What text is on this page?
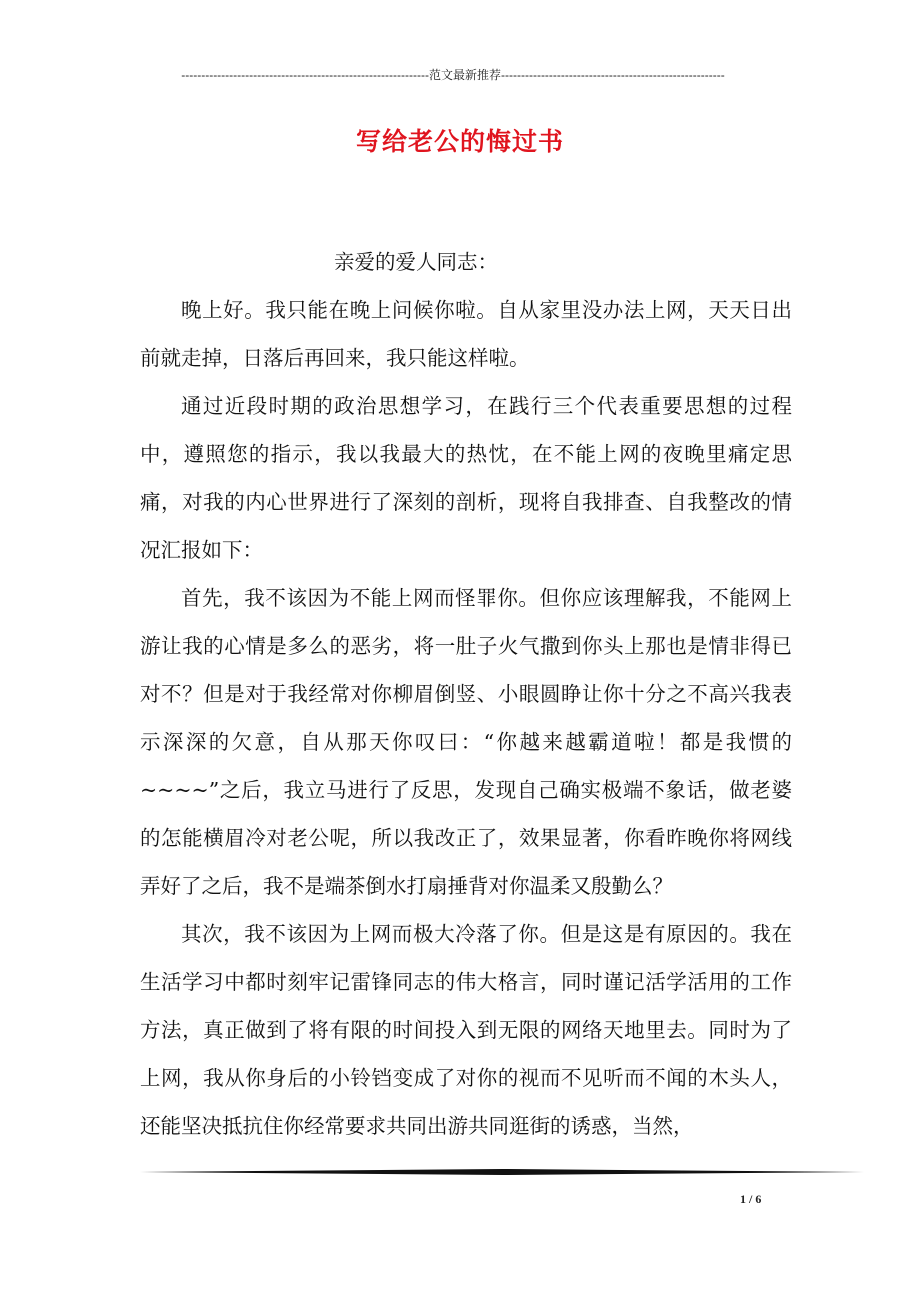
--------------------------------------------------------------范文最新推荐--------------------------------------------------------
写给老公的悔过书

亲爱的爱人同志：

晚上好。我只能在晚上问候你啦。自从家里没办法上网，天天日出前就走掉，日落后再回来，我只能这样啦。

通过近段时期的政治思想学习，在践行三个代表重要思想的过程中，遵照您的指示，我以我最大的热忱，在不能上网的夜晚里痛定思痛，对我的内心世界进行了深刻的剖析，现将自我排查、自我整改的情况汇报如下：

首先，我不该因为不能上网而怪罪你。但你应该理解我，不能网上游让我的心情是多么的恶劣，将一肚子火气撒到你头上那也是情非得已对不？但是对于我经常对你柳眉倒竖、小眼圆睁让你十分之不高兴我表示深深的欠意，自从那天你叹曰：“你越来越霸道啦！都是我惯的~~~~”之后，我立马进行了反思，发现自己确实极端不象话，做老婆的怎能横眉冷对老公呢，所以我改正了，效果显著，你看昨晚你将网线弄好了之后，我不是端茶倒水打扇捶背对你温柔又殷勤么？

其次，我不该因为上网而极大冷落了你。但是这是有原因的。我在生活学习中都时刻牢记雷锋同志的伟大格言，同时谨记活学活用的工作方法，真正做到了将有限的时间投入到无限的网络天地里去。同时为了上网，我从你身后的小铃铛变成了对你的视而不见听而不闻的木头人，还能坚决抵抗住你经常要求共同出游共同逛街的诱惑，当然，

1 / 6
